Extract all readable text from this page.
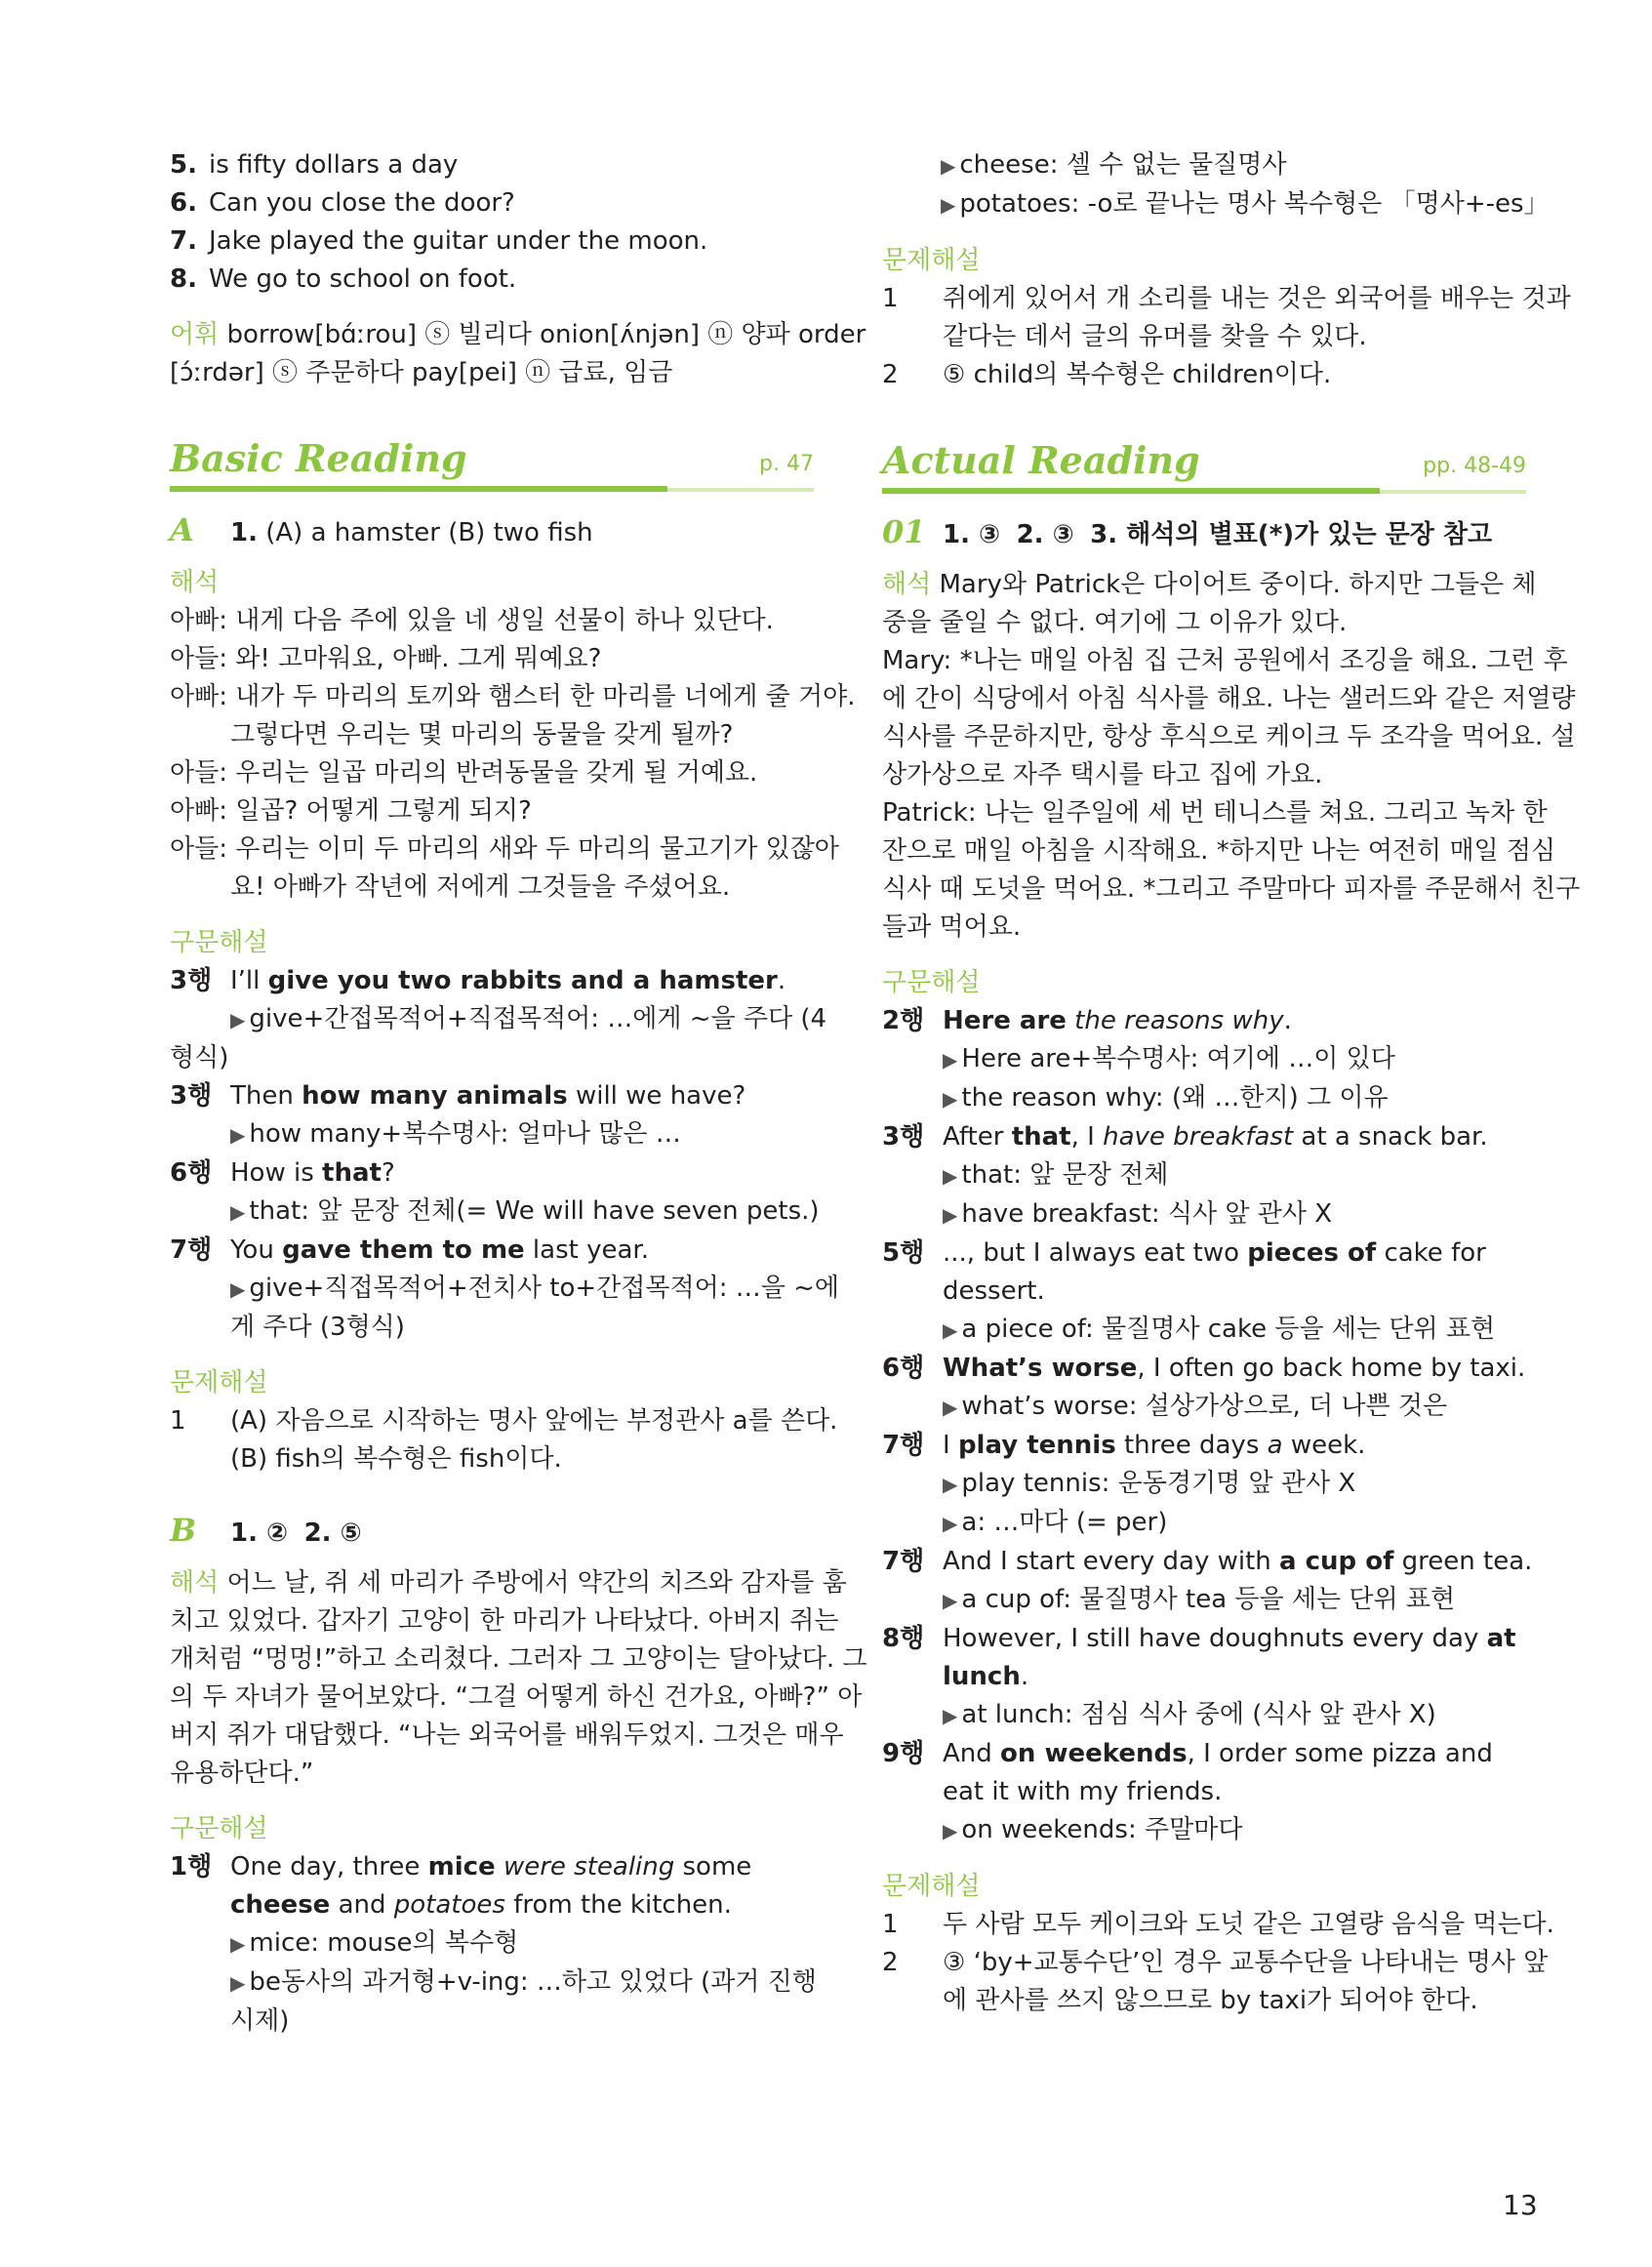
5. is fifty dollars a day
6. Can you close the door?
7. Jake played the guitar under the moon.
8. We go to school on foot.
어휘 borrow[bɑ́ːrou] ⓢ 빌리다 onion[ʌ́njən] ⓝ 양파 order
[ɔ́ːrdər] ⓢ 주문하다 pay[pei] ⓝ 급료, 임금
Basic Reading	p. 47
A 1. (A) a hamster (B) two fish
해석
아빠: 내게 다음 주에 있을 네 생일 선물이 하나 있단다.
아들: 와! 고마워요, 아빠. 그게 뭐예요?
아빠: 내가 두 마리의 토끼와 햄스터 한 마리를 너에게 줄 거야.
그렇다면 우리는 몇 마리의 동물을 갖게 될까?
아들: 우리는 일곱 마리의 반려동물을 갖게 될 거예요.
아빠: 일곱? 어떻게 그렇게 되지?
아들: 우리는 이미 두 마리의 새와 두 마리의 물고기가 있잖아
요! 아빠가 작년에 저에게 그것들을 주셨어요.
구문해설
3행 I’ll give you two rabbits and a hamster.
▶ give+간접목적어+직접목적어: …에게 ~을 주다 (4
형식)
3행 Then how many animals will we have?
▶ how many+복수명사: 얼마나 많은 …
6행 How is that?
▶ that: 앞 문장 전체(= We will have seven pets.)
7행 You gave them to me last year.
▶ give+직접목적어+전치사 to+간접목적어: …을 ~에
게 주다 (3형식)
문제해설
1	(A) 자음으로 시작하는 명사 앞에는 부정관사 a를 쓴다.
(B) fish의 복수형은 fish이다.
B 1. ② 2. ⑤
해석 어느 날, 쥐 세 마리가 주방에서 약간의 치즈와 감자를 훔
치고 있었다. 갑자기 고양이 한 마리가 나타났다. 아버지 쥐는
개처럼 “멍멍!”하고 소리쳤다. 그러자 그 고양이는 달아났다. 그
의 두 자녀가 물어보았다. “그걸 어떻게 하신 건가요, 아빠?” 아
버지 쥐가 대답했다. “나는 외국어를 배워두었지. 그것은 매우
유용하단다.”
구문해설
1행 One day, three mice were stealing some
cheese and potatoes from the kitchen.
▶ mice: mouse의 복수형
▶ be동사의 과거형+v-ing: …하고 있었다 (과거 진행
시제)
▶ cheese: 셀 수 없는 물질명사
▶ potatoes: -o로 끝나는 명사 복수형은 「명사+-es」
문제해설
1	쥐에게 있어서 개 소리를 내는 것은 외국어를 배우는 것과
같다는 데서 글의 유머를 찾을 수 있다.
2	⑤ child의 복수형은 children이다.
Actual Reading	pp. 48-49
01 1. ③ 2. ③ 3. 해석의 별표(*)가 있는 문장 참고
해석 Mary와 Patrick은 다이어트 중이다. 하지만 그들은 체
중을 줄일 수 없다. 여기에 그 이유가 있다.
Mary: *나는 매일 아침 집 근처 공원에서 조깅을 해요. 그런 후
에 간이 식당에서 아침 식사를 해요. 나는 샐러드와 같은 저열량
식사를 주문하지만, 항상 후식으로 케이크 두 조각을 먹어요. 설
상가상으로 자주 택시를 타고 집에 가요.
Patrick: 나는 일주일에 세 번 테니스를 쳐요. 그리고 녹차 한
잔으로 매일 아침을 시작해요. *하지만 나는 여전히 매일 점심
식사 때 도넛을 먹어요. *그리고 주말마다 피자를 주문해서 친구
들과 먹어요.
구문해설
2행 Here are the reasons why.
▶ Here are+복수명사: 여기에 …이 있다
▶ the reason why: (왜 …한지) 그 이유
3행 After that, I have breakfast at a snack bar.
▶ that: 앞 문장 전체
▶ have breakfast: 식사 앞 관사 X
5행 ..., but I always eat two pieces of cake for
dessert.
▶ a piece of: 물질명사 cake 등을 세는 단위 표현
6행 What’s worse, I often go back home by taxi.
▶ what’s worse: 설상가상으로, 더 나쁜 것은
7행 I play tennis three days a week.
▶ play tennis: 운동경기명 앞 관사 X
▶ a: …마다 (= per)
7행 And I start every day with a cup of green tea.
▶ a cup of: 물질명사 tea 등을 세는 단위 표현
8행 However, I still have doughnuts every day at
lunch.
▶ at lunch: 점심 식사 중에 (식사 앞 관사 X)
9행 And on weekends, I order some pizza and
eat it with my friends.
▶ on weekends: 주말마다
문제해설
1	두 사람 모두 케이크와 도넛 같은 고열량 음식을 먹는다.
2	③ ‘by+교통수단’인 경우 교통수단을 나타내는 명사 앞
에 관사를 쓰지 않으므로 by taxi가 되어야 한다.
13
